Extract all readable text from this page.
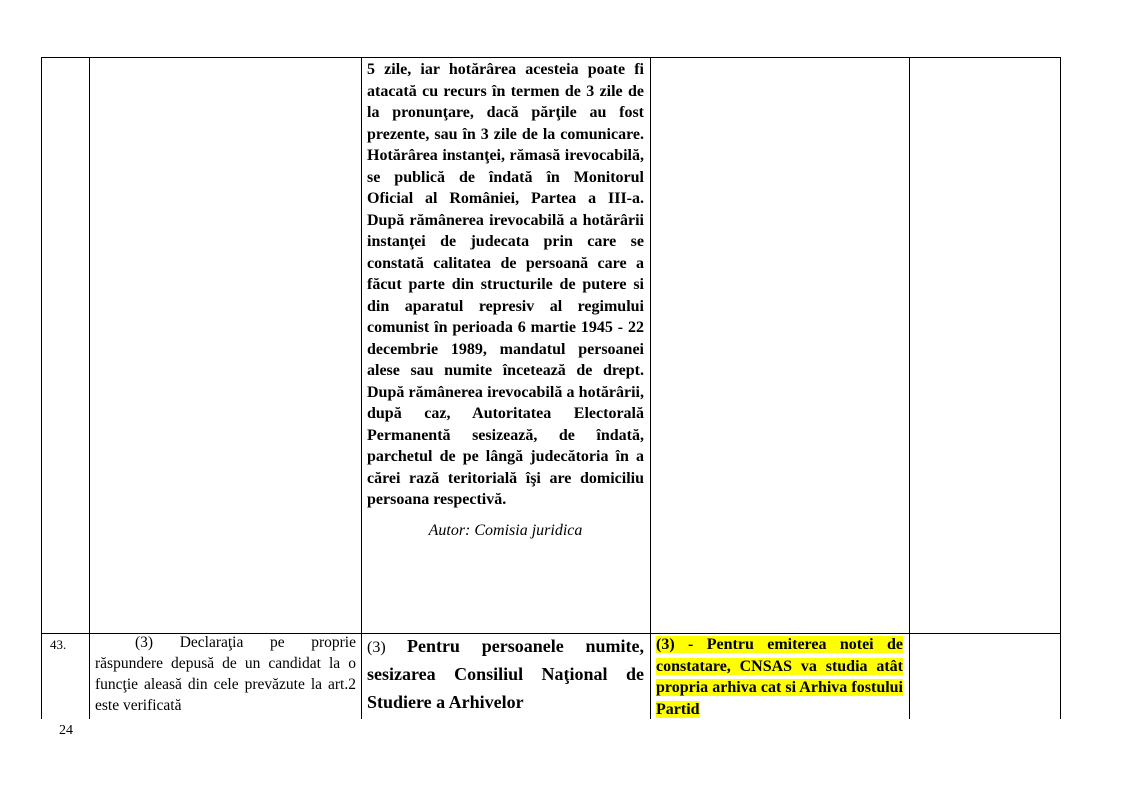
5 zile, iar hotărârea acesteia poate fi atacată cu recurs în termen de 3 zile de la pronunţare, dacă părţile au fost prezente, sau în 3 zile de la comunicare. Hotărârea instanţei, rămasă irevocabilă, se publică de îndată în Monitorul Oficial al României, Partea a III-a. După rămânerea irevocabilă a hotărârii instanţei de judecata prin care se constată calitatea de persoană care a făcut parte din structurile de putere si din aparatul represiv al regimului comunist în perioada 6 martie 1945 - 22 decembrie 1989, mandatul persoanei alese sau numite încetează de drept. După rămânerea irevocabilă a hotărârii, după caz, Autoritatea Electorală Permanentă sesizează, de îndată, parchetul de pe lângă judecătoria în a cărei rază teritorială îşi are domiciliu persoana respectivă.
Autor: Comisia juridica
43.	(3) Declaraţia pe proprie răspundere depusă de un candidat la o funcţie aleasă din cele prevăzute la art.2 este verificată
(3) Pentru persoanele numite, sesizarea Consiliul Naţional de Studiere a Arhivelor
(3) - Pentru emiterea notei de constatare, CNSAS va studia atât propria arhiva cat si Arhiva fostului Partid
24
